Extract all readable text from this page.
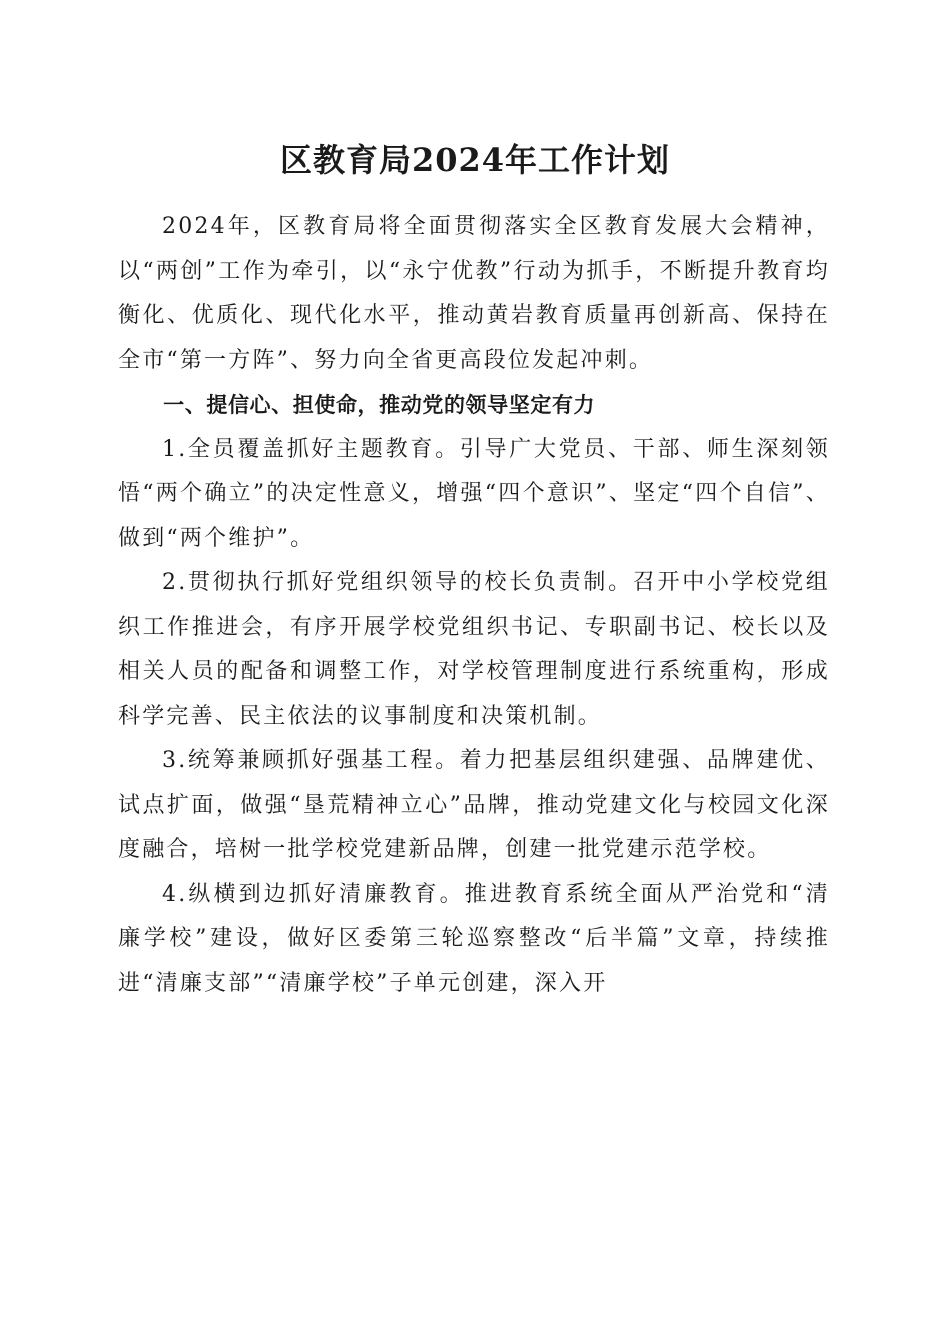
区教育局2024年工作计划

2024年，区教育局将全面贯彻落实全区教育发展大会精神，以“两创”工作为牵引，以“永宁优教”行动为抓手，不断提升教育均衡化、优质化、现代化水平，推动黄岩教育质量再创新高、保持在全市“第一方阵”、努力向全省更高段位发起冲刺。

一、提信心、担使命，推动党的领导坚定有力

1.全员覆盖抓好主题教育。引导广大党员、干部、师生深刻领悟“两个确立”的决定性意义，增强“四个意识”、坚定“四个自信”、做到“两个维护”。

2.贯彻执行抓好党组织领导的校长负责制。召开中小学校党组织工作推进会，有序开展学校党组织书记、专职副书记、校长以及相关人员的配备和调整工作，对学校管理制度进行系统重构，形成科学完善、民主依法的议事制度和决策机制。

3.统筹兼顾抓好强基工程。着力把基层组织建强、品牌建优、试点扩面，做强“垦荒精神立心”品牌，推动党建文化与校园文化深度融合，培树一批学校党建新品牌，创建一批党建示范学校。

4.纵横到边抓好清廉教育。推进教育系统全面从严治党和“清廉学校”建设，做好区委第三轮巡察整改“后半篇”文章，持续推进“清廉支部”“清廉学校”子单元创建，深入开
